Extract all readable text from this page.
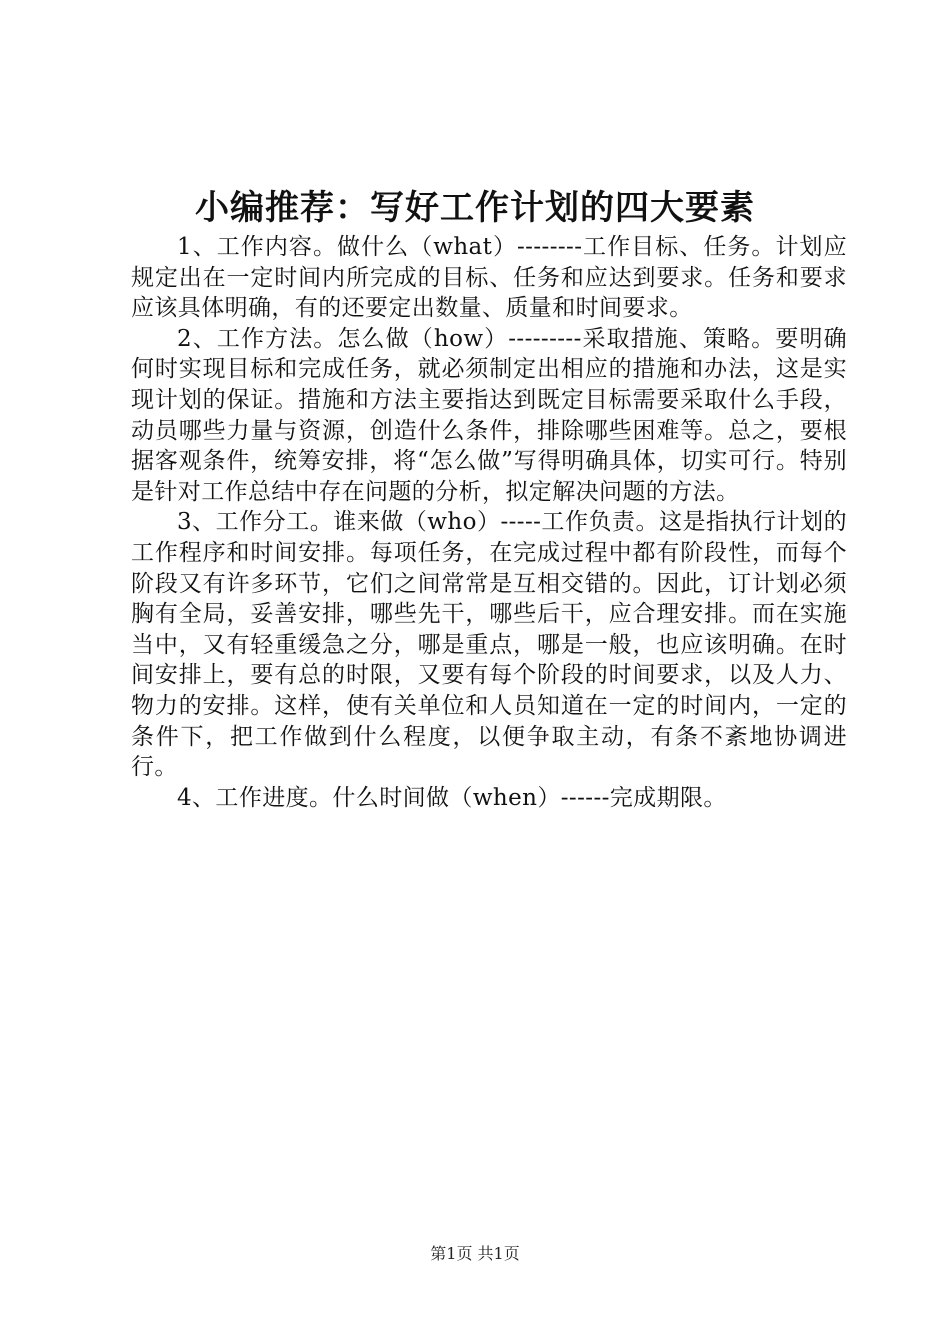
小编推荐：写好工作计划的四大要素

1、工作内容。做什么（what）--------工作目标、任务。计划应规定出在一定时间内所完成的目标、任务和应达到要求。任务和要求应该具体明确，有的还要定出数量、质量和时间要求。

2、工作方法。怎么做（how）---------采取措施、策略。要明确何时实现目标和完成任务，就必须制定出相应的措施和办法，这是实现计划的保证。措施和方法主要指达到既定目标需要采取什么手段，动员哪些力量与资源，创造什么条件，排除哪些困难等。总之，要根据客观条件，统筹安排，将“怎么做”写得明确具体，切实可行。特别是针对工作总结中存在问题的分析，拟定解决问题的方法。

3、工作分工。谁来做（who）-----工作负责。这是指执行计划的工作程序和时间安排。每项任务，在完成过程中都有阶段性，而每个阶段又有许多环节，它们之间常常是互相交错的。因此，订计划必须胸有全局，妥善安排，哪些先干，哪些后干，应合理安排。而在实施当中，又有轻重缓急之分，哪是重点，哪是一般，也应该明确。在时间安排上，要有总的时限，又要有每个阶段的时间要求，以及人力、物力的安排。这样，使有关单位和人员知道在一定的时间内，一定的条件下，把工作做到什么程度，以便争取主动，有条不紊地协调进行。

4、工作进度。什么时间做（when）------完成期限。

第1页 共1页
